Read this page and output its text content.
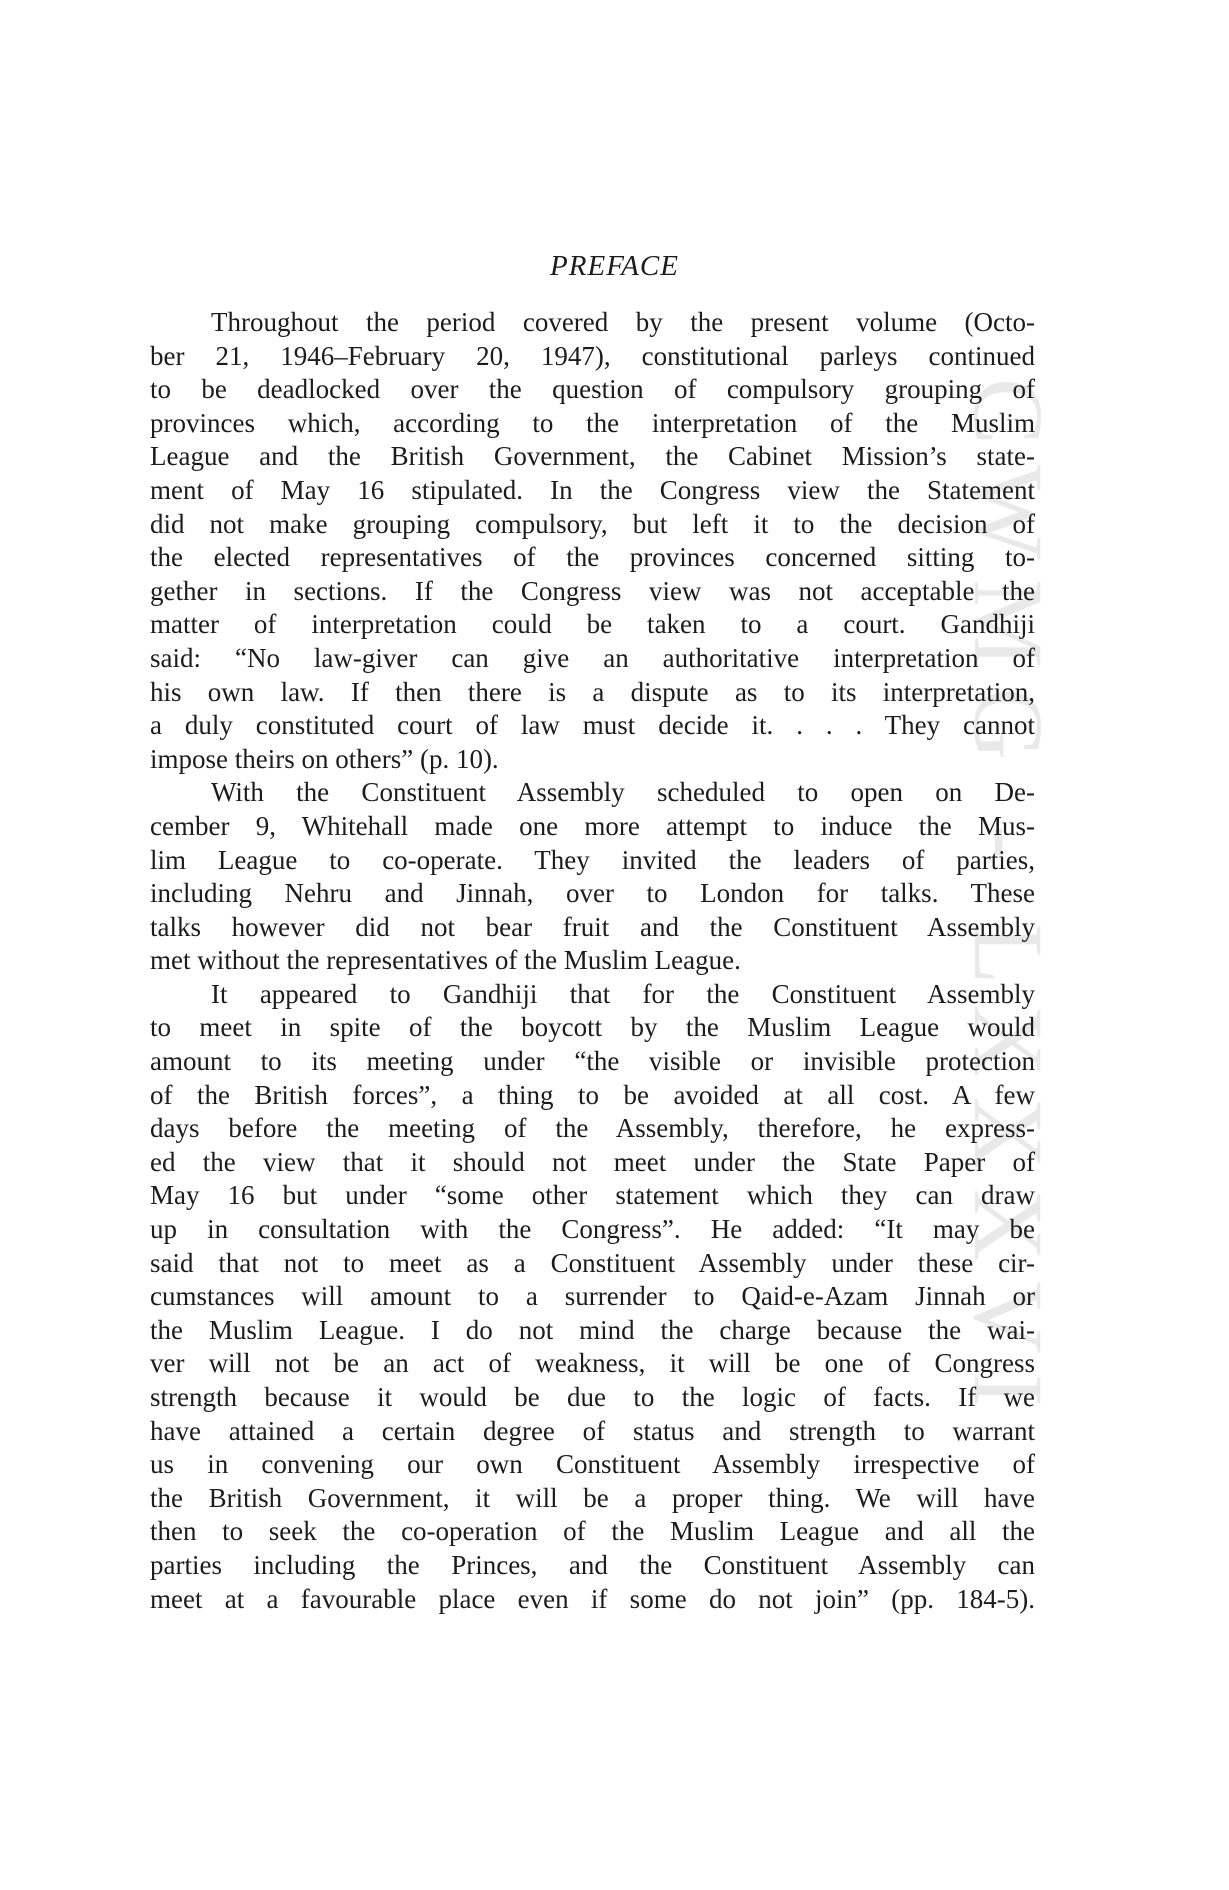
CWMG - LXXXVI
PREFACE

Throughout the period covered by the present volume (Octo-
ber 21, 1946–February 20, 1947), constitutional parleys continued
to be deadlocked over the question of compulsory grouping of
provinces which, according to the interpretation of the Muslim
League and the British Government, the Cabinet Mission’s state-
ment of May 16 stipulated. In the Congress view the Statement
did not make grouping compulsory, but left it to the decision of
the elected representatives of the provinces concerned sitting to-
gether in sections. If the Congress view was not acceptable the
matter of interpretation could be taken to a court. Gandhiji
said: “No law-giver can give an authoritative interpretation of
his own law. If then there is a dispute as to its interpretation,
a duly constituted court of law must decide it. . . . They cannot
impose theirs on others” (p. 10).

With the Constituent Assembly scheduled to open on De-
cember 9, Whitehall made one more attempt to induce the Mus-
lim League to co-operate. They invited the leaders of parties,
including Nehru and Jinnah, over to London for talks. These
talks however did not bear fruit and the Constituent Assembly
met without the representatives of the Muslim League.

It appeared to Gandhiji that for the Constituent Assembly
to meet in spite of the boycott by the Muslim League would
amount to its meeting under “the visible or invisible protection
of the British forces”, a thing to be avoided at all cost. A few
days before the meeting of the Assembly, therefore, he express-
ed the view that it should not meet under the State Paper of
May 16 but under “some other statement which they can draw
up in consultation with the Congress”. He added: “It may be
said that not to meet as a Constituent Assembly under these cir-
cumstances will amount to a surrender to Qaid-e-Azam Jinnah or
the Muslim League. I do not mind the charge because the wai-
ver will not be an act of weakness, it will be one of Congress
strength because it would be due to the logic of facts. If we
have attained a certain degree of status and strength to warrant
us in convening our own Constituent Assembly irrespective of
the British Government, it will be a proper thing. We will have
then to seek the co-operation of the Muslim League and all the
parties including the Princes, and the Constituent Assembly can
meet at a favourable place even if some do not join” (pp. 184-5).
